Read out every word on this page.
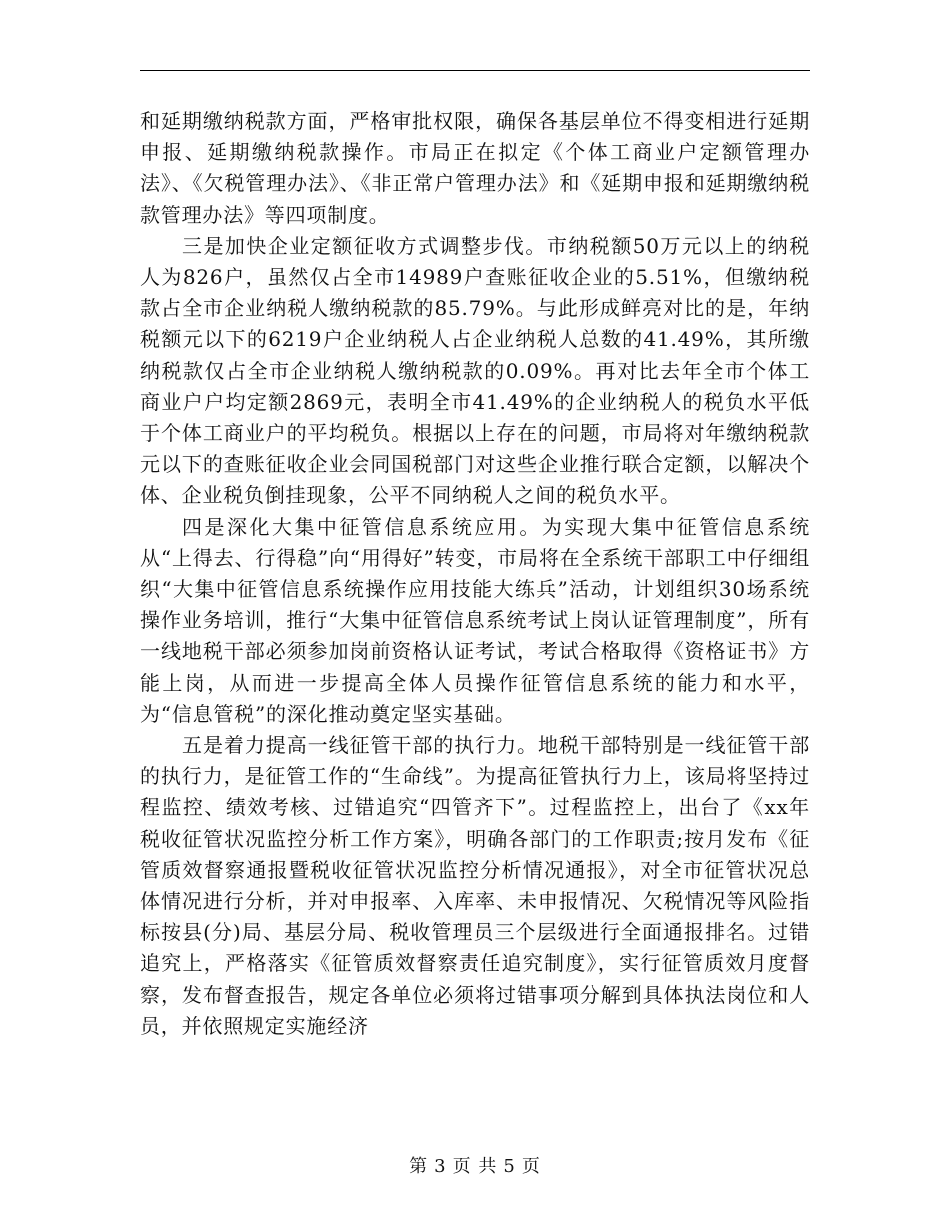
和延期缴纳税款方面，严格审批权限，确保各基层单位不得变相进行延期申报、延期缴纳税款操作。市局正在拟定《个体工商业户定额管理办法》、《欠税管理办法》、《非正常户管理办法》和《延期申报和延期缴纳税款管理办法》等四项制度。

三是加快企业定额征收方式调整步伐。市纳税额50万元以上的纳税人为826户，虽然仅占全市14989户查账征收企业的5.51%，但缴纳税款占全市企业纳税人缴纳税款的85.79%。与此形成鲜亮对比的是，年纳税额元以下的6219户企业纳税人占企业纳税人总数的41.49%，其所缴纳税款仅占全市企业纳税人缴纳税款的0.09%。再对比去年全市个体工商业户户均定额2869元，表明全市41.49%的企业纳税人的税负水平低于个体工商业户的平均税负。根据以上存在的问题，市局将对年缴纳税款元以下的查账征收企业会同国税部门对这些企业推行联合定额，以解决个体、企业税负倒挂现象，公平不同纳税人之间的税负水平。

四是深化大集中征管信息系统应用。为实现大集中征管信息系统从“上得去、行得稳”向“用得好”转变，市局将在全系统干部职工中仔细组织“大集中征管信息系统操作应用技能大练兵”活动，计划组织30场系统操作业务培训，推行“大集中征管信息系统考试上岗认证管理制度”，所有一线地税干部必须参加岗前资格认证考试，考试合格取得《资格证书》方能上岗，从而进一步提高全体人员操作征管信息系统的能力和水平，为“信息管税”的深化推动奠定坚实基础。

五是着力提高一线征管干部的执行力。地税干部特别是一线征管干部的执行力，是征管工作的“生命线”。为提高征管执行力上，该局将坚持过程监控、绩效考核、过错追究“四管齐下”。过程监控上，出台了《xx年税收征管状况监控分析工作方案》，明确各部门的工作职责;按月发布《征管质效督察通报暨税收征管状况监控分析情况通报》，对全市征管状况总体情况进行分析，并对申报率、入库率、未申报情况、欠税情况等风险指标按县(分)局、基层分局、税收管理员三个层级进行全面通报排名。过错追究上，严格落实《征管质效督察责任追究制度》，实行征管质效月度督察，发布督查报告，规定各单位必须将过错事项分解到具体执法岗位和人员，并依照规定实施经济

第 3 页 共 5 页
